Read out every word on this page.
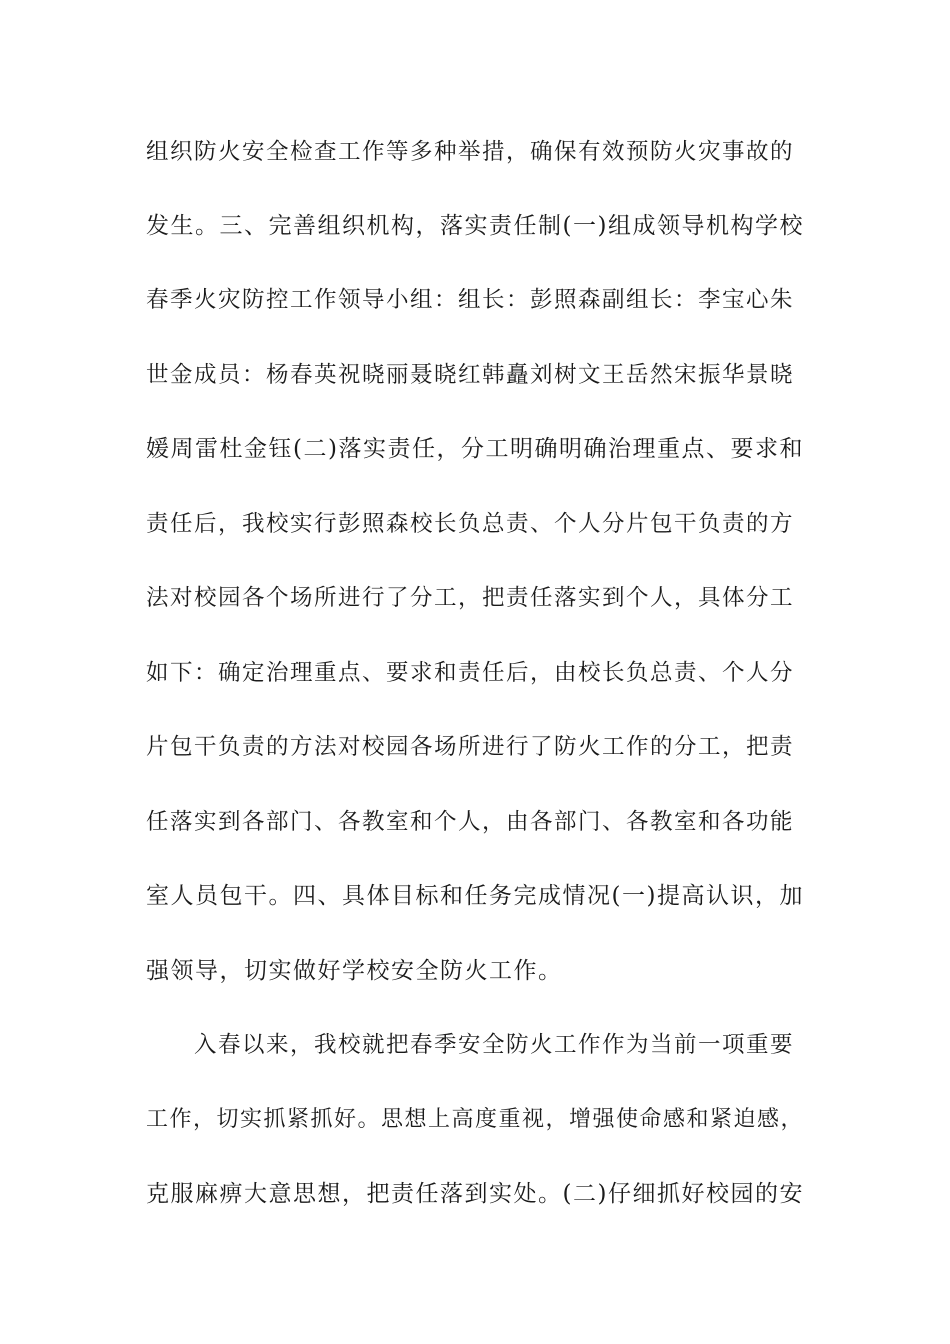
组织防火安全检查工作等多种举措，确保有效预防火灾事故的
发生。三、完善组织机构，落实责任制(一)组成领导机构学校
春季火灾防控工作领导小组：组长：彭照森副组长：李宝心朱
世金成员：杨春英祝晓丽聂晓红韩矗刘树文王岳然宋振华景晓
媛周雷杜金钰(二)落实责任，分工明确明确治理重点、要求和
责任后，我校实行彭照森校长负总责、个人分片包干负责的方
法对校园各个场所进行了分工，把责任落实到个人，具体分工
如下：确定治理重点、要求和责任后，由校长负总责、个人分
片包干负责的方法对校园各场所进行了防火工作的分工，把责
任落实到各部门、各教室和个人，由各部门、各教室和各功能
室人员包干。四、具体目标和任务完成情况(一)提高认识，加
强领导，切实做好学校安全防火工作。
入春以来，我校就把春季安全防火工作作为当前一项重要
工作，切实抓紧抓好。思想上高度重视，增强使命感和紧迫感，
克服麻痹大意思想，把责任落到实处。(二)仔细抓好校园的安
